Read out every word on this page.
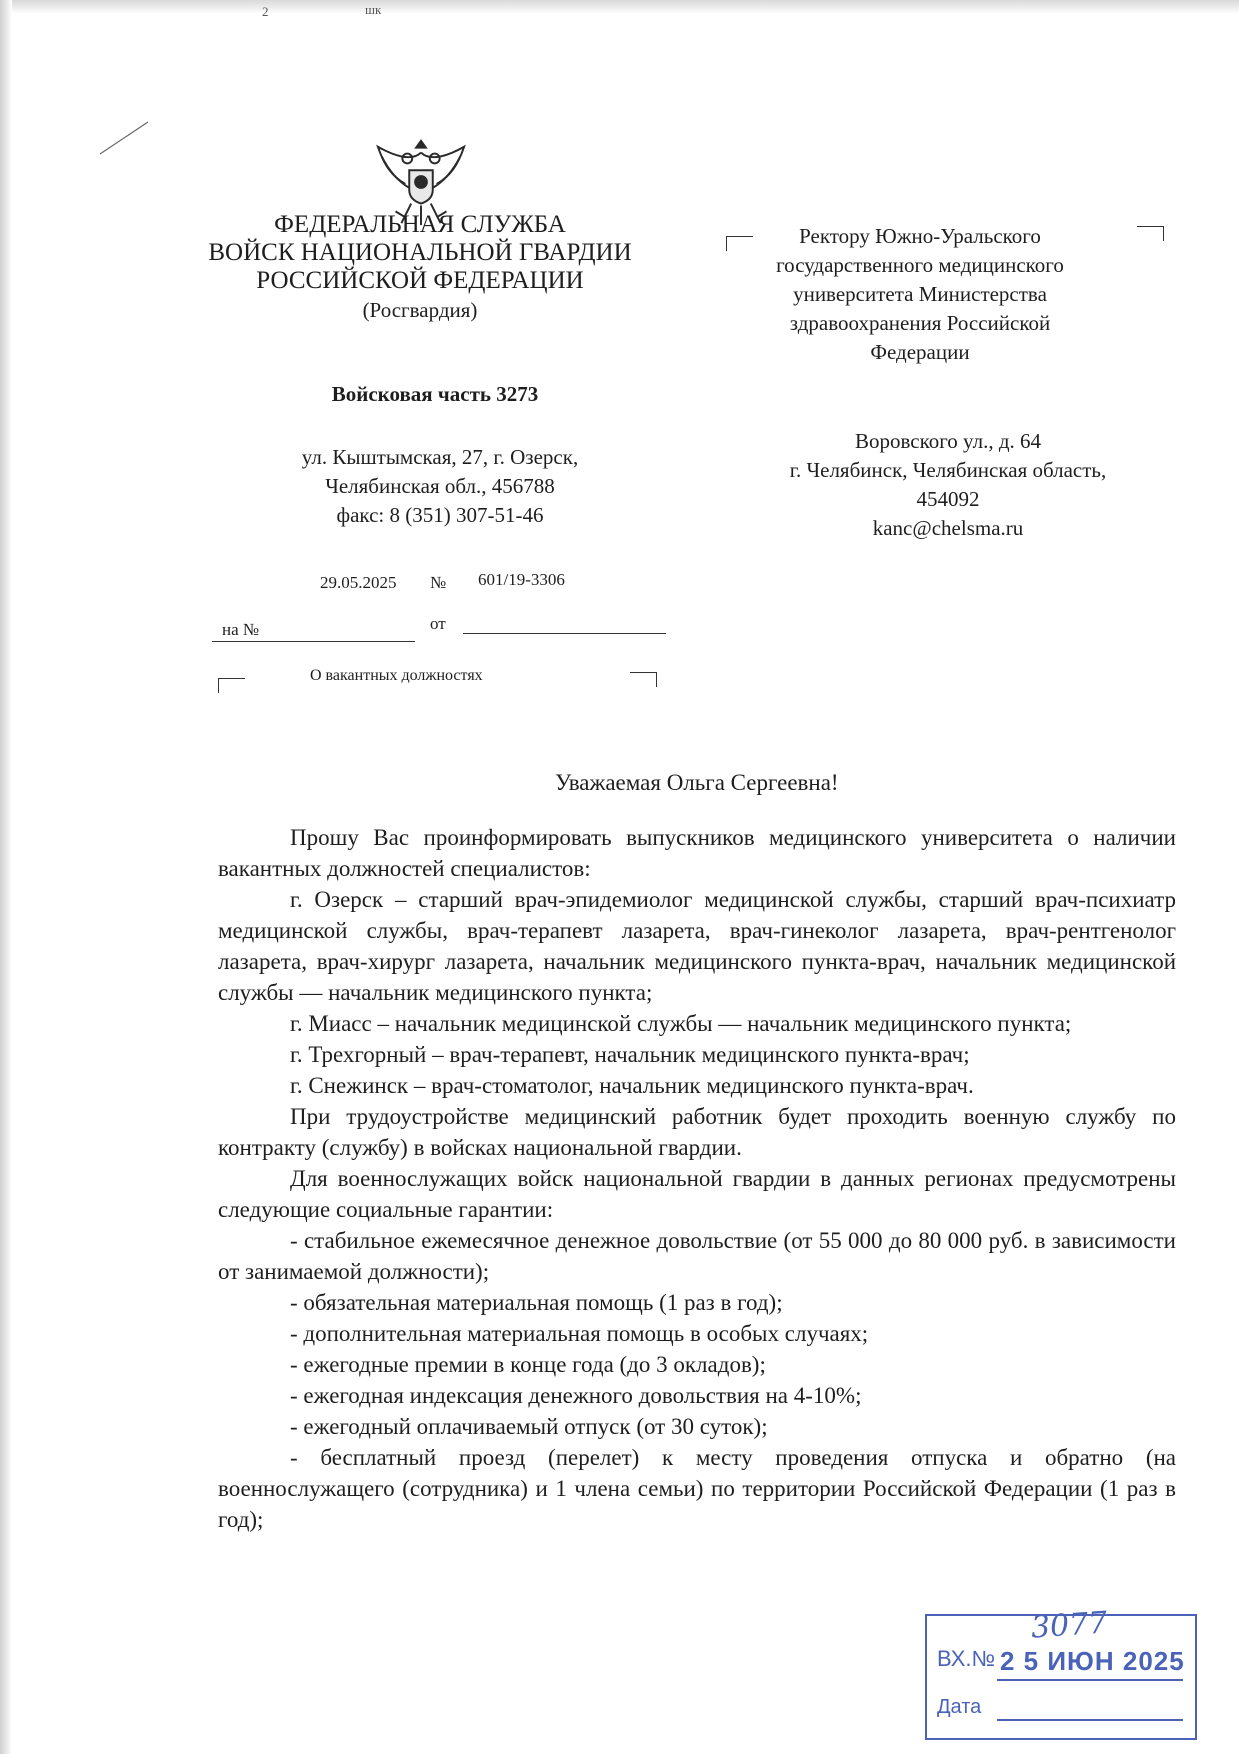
2	шк
ФЕДЕРАЛЬНАЯ СЛУЖБА
ВОЙСК НАЦИОНАЛЬНОЙ ГВАРДИИ
РОССИЙСКОЙ ФЕДЕРАЦИИ
(Росгвардия)
Войсковая часть 3273
ул. Кыштымская, 27, г. Озерск,
Челябинская обл., 456788
факс: 8 (351) 307-51-46
29.05.2025 № 601/19-3306
на №	от
О вакантных должностях
Ректору Южно-Уральского
государственного медицинского
университета Министерства
здравоохранения Российской
Федерации
Воровского ул., д. 64
г. Челябинск, Челябинская область,
454092
kanc@chelsma.ru
Уважаемая Ольга Сергеевна!

Прошу Вас проинформировать выпускников медицинского университета о наличии вакантных должностей специалистов:

г. Озерск – старший врач-эпидемиолог медицинской службы, старший врач-психиатр медицинской службы, врач-терапевт лазарета, врач-гинеколог лазарета, врач-рентгенолог лазарета, врач-хирург лазарета, начальник медицинского пункта-врач, начальник медицинской службы — начальник медицинского пункта;

г. Миасс – начальник медицинской службы — начальник медицинского пункта;

г. Трехгорный – врач-терапевт, начальник медицинского пункта-врач;

г. Снежинск – врач-стоматолог, начальник медицинского пункта-врач.

При трудоустройстве медицинский работник будет проходить военную службу по контракту (службу) в войсках национальной гвардии.

Для военнослужащих войск национальной гвардии в данных регионах предусмотрены следующие социальные гарантии:

- стабильное ежемесячное денежное довольствие (от 55 000 до 80 000 руб. в зависимости от занимаемой должности);

- обязательная материальная помощь (1 раз в год);

- дополнительная материальная помощь в особых случаях;

- ежегодные премии в конце года (до 3 окладов);

- ежегодная индексация денежного довольствия на 4-10%;

- ежегодный оплачиваемый отпуск (от 30 суток);

- бесплатный проезд (перелет) к месту проведения отпуска и обратно (на военнослужащего (сотрудника) и 1 члена семьи) по территории Российской Федерации (1 раз в год);

ВХ.№
3077
2 5 ИЮН 2025
Дата
